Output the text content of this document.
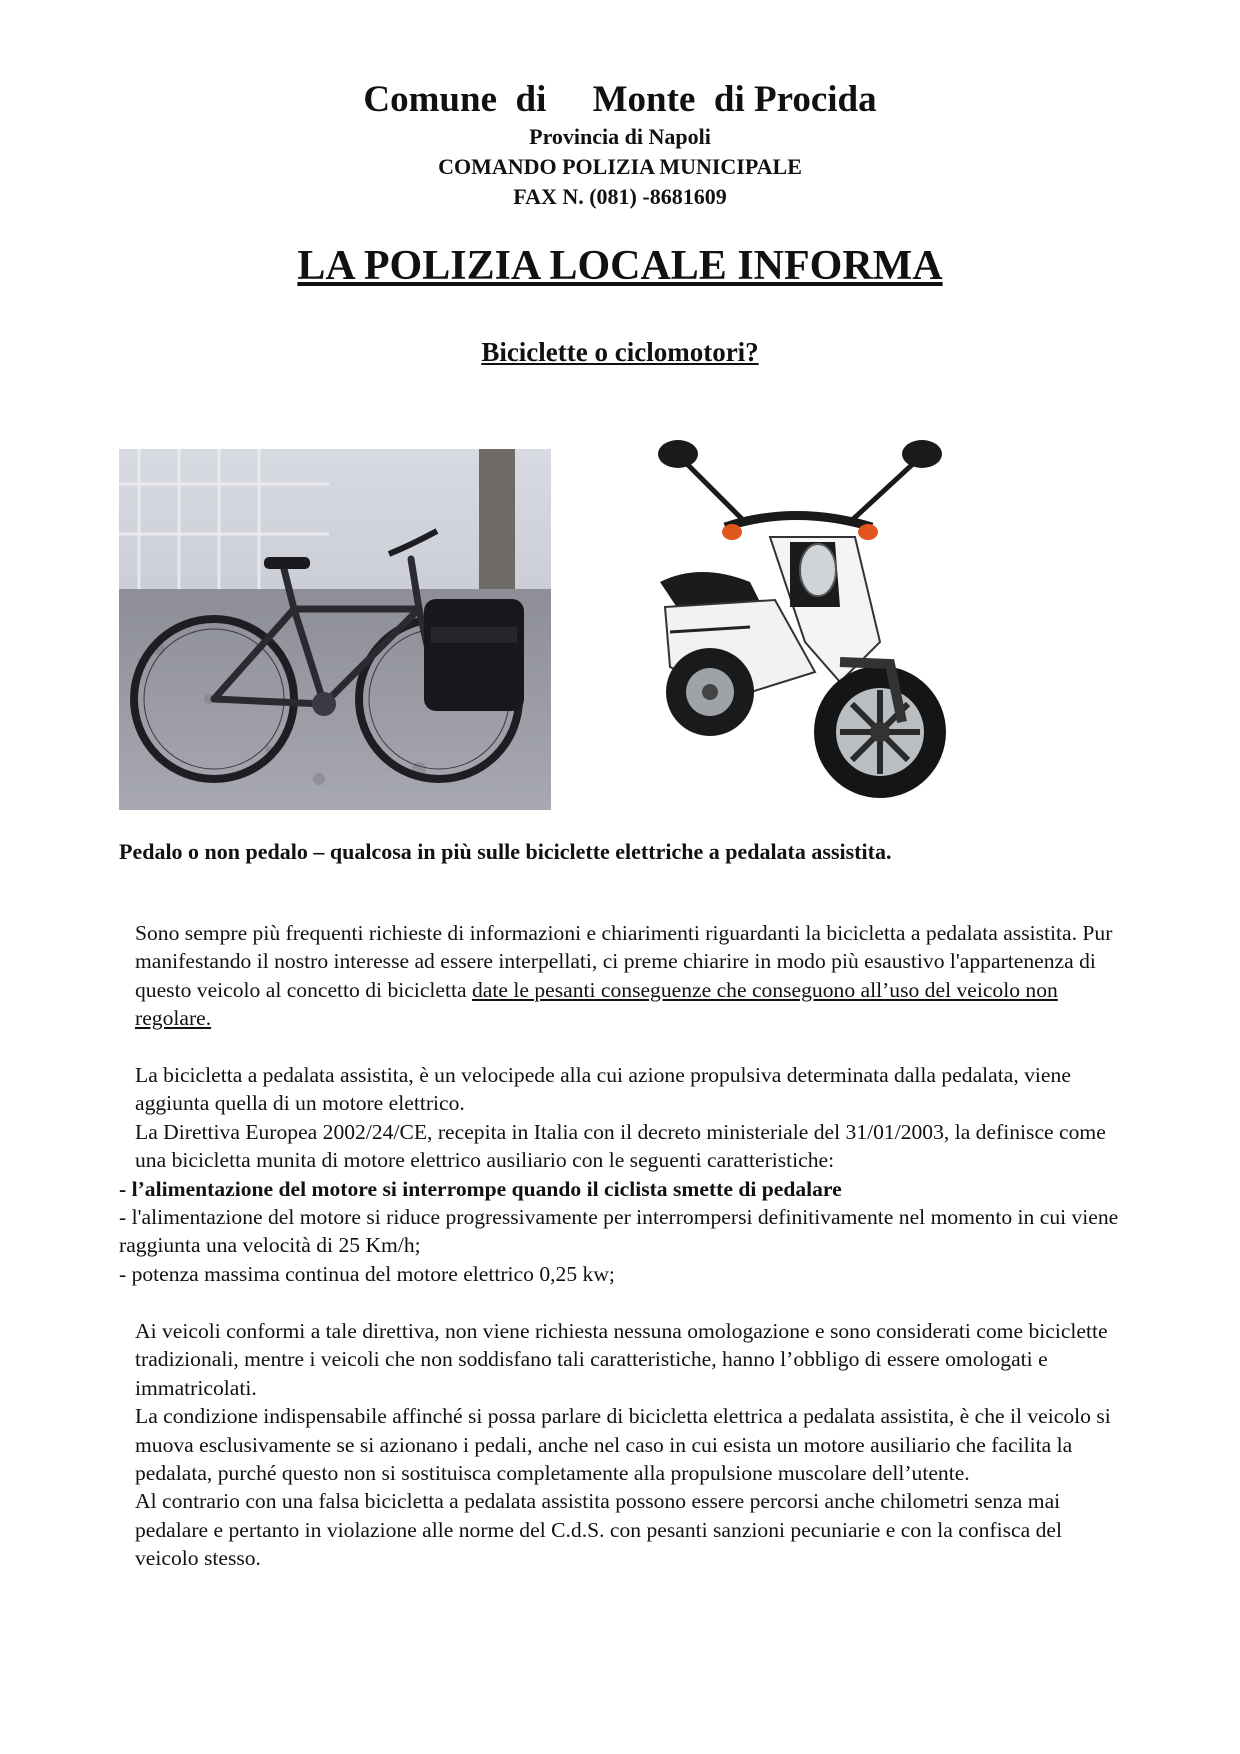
Comune  di     Monte  di Procida
Provincia di Napoli
COMANDO POLIZIA MUNICIPALE
FAX N. (081) -8681609
LA POLIZIA LOCALE INFORMA
Biciclette o ciclomotori?
Pedalo o non pedalo – qualcosa in più sulle biciclette elettriche a pedalata assistita.

Sono sempre più frequenti richieste di informazioni e chiarimenti riguardanti la bicicletta a pedalata assistita. Pur manifestando il nostro interesse ad essere interpellati, ci preme chiarire in modo più esaustivo l'appartenenza di questo veicolo al concetto di bicicletta date le pesanti conseguenze che conseguono all’uso del veicolo non regolare.

La bicicletta a pedalata assistita, è un velocipede alla cui azione propulsiva determinata dalla pedalata, viene aggiunta quella di un motore elettrico.

La Direttiva Europea 2002/24/CE, recepita in Italia con il decreto ministeriale del 31/01/2003, la definisce come una bicicletta munita di motore elettrico ausiliario con le seguenti caratteristiche:

- l’alimentazione del motore si interrompe quando il ciclista smette di pedalare

- l'alimentazione del motore si riduce progressivamente per interrompersi definitivamente nel momento in cui viene raggiunta una velocità di 25 Km/h;

- potenza massima continua del motore elettrico 0,25 kw;

Ai veicoli conformi a tale direttiva, non viene richiesta nessuna omologazione e sono considerati come biciclette tradizionali, mentre i veicoli che non soddisfano tali caratteristiche, hanno l’obbligo di essere omologati e immatricolati.

La condizione indispensabile affinché si possa parlare di bicicletta elettrica a pedalata assistita, è che il veicolo si muova esclusivamente se si azionano i pedali, anche nel caso in cui esista un motore ausiliario che facilita la pedalata, purché questo non si sostituisca completamente alla propulsione muscolare dell’utente.

Al contrario con una falsa bicicletta a pedalata assistita possono essere percorsi anche chilometri senza mai pedalare e pertanto in violazione alle norme del C.d.S. con pesanti sanzioni pecuniarie e con la confisca del veicolo stesso.
